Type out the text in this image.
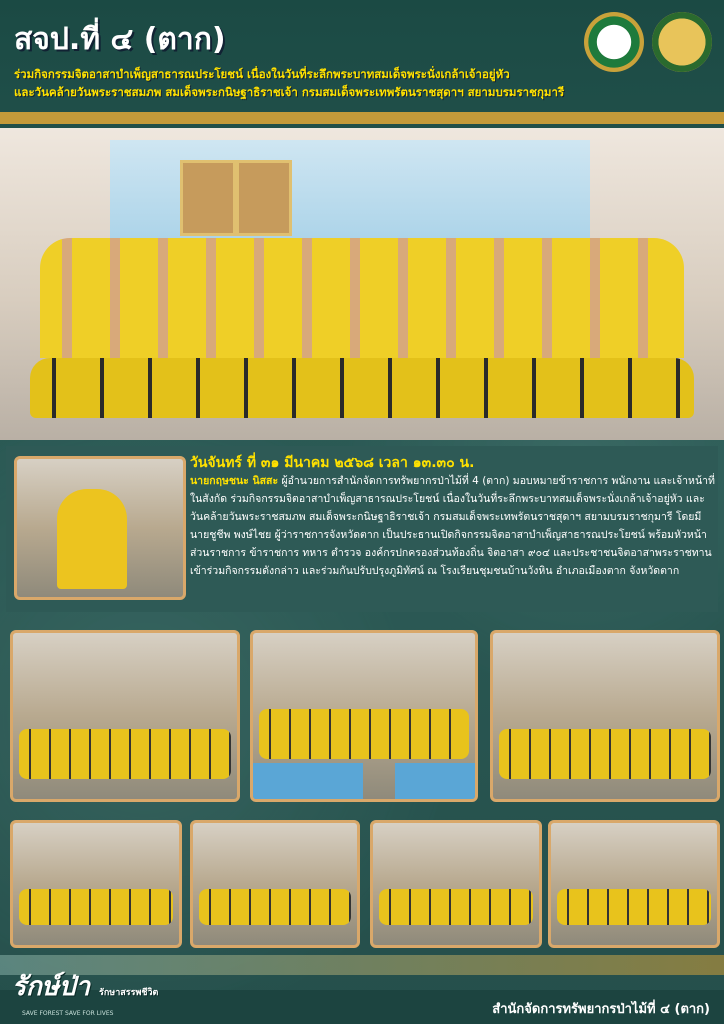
สจป.ที่ ๔ (ตาก)
ร่วมกิจกรรมจิตอาสาบำเพ็ญสาธารณประโยชน์ เนื่องในวันที่ระลึกพระบาทสมเด็จพระนั่งเกล้าเจ้าอยู่หัว
และวันคล้ายวันพระราชสมภพ สมเด็จพระกนิษฐาธิราชเจ้า กรมสมเด็จพระเทพรัตนราชสุดาฯ สยามบรมราชกุมารี
วันจันทร์ ที่ ๓๑ มีนาคม ๒๕๖๘ เวลา ๑๓.๓๐ น.
นายกฤษชนะ นิสสะ ผู้อำนวยการสำนักจัดการทรัพยากรป่าไม้ที่ 4 (ตาก) มอบหมายข้าราชการ พนักงาน และเจ้าหน้าที่ในสังกัด ร่วมกิจกรรมจิตอาสาบำเพ็ญสาธารณประโยชน์ เนื่องในวันที่ระลึกพระบาทสมเด็จพระนั่งเกล้าเจ้าอยู่หัว และวันคล้ายวันพระราชสมภพ สมเด็จพระกนิษฐาธิราชเจ้า กรมสมเด็จพระเทพรัตนราชสุดาฯ สยามบรมราชกุมารี โดยมี นายชูชีพ พงษ์ไชย ผู้ว่าราชการจังหวัดตาก เป็นประธานเปิดกิจกรรมจิตอาสาบำเพ็ญสาธารณประโยชน์ พร้อมหัวหน้าส่วนราชการ ข้าราชการ ทหาร ตำรวจ องค์กรปกครองส่วนท้องถิ่น จิตอาสา ๙๐๔ และประชาชนจิตอาสาพระราชทาน เข้าร่วมกิจกรรมดังกล่าว และร่วมกันปรับปรุงภูมิทัศน์ ณ โรงเรียนชุมชนบ้านวังหิน อำเภอเมืองตาก จังหวัดตาก
รักษ์ป่า รักษาสรรพชีวิต
SAVE FOREST SAVE FOR LIVES	สำนักจัดการทรัพยากรป่าไม้ที่ ๔ (ตาก)
